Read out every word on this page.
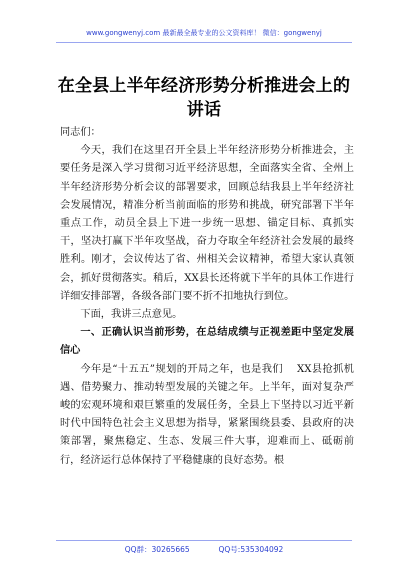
www.gongwenyj.com 最新最全最专业的公文资料库！ 微信：gongwenyj
在全县上半年经济形势分析推进会上的讲话

同志们：

今天，我们在这里召开全县上半年经济形势分析推进会，主要任务是深入学习贯彻习近平经济思想，全面落实全省、全州上半年经济形势分析会议的部署要求，回顾总结我县上半年经济社会发展情况，精准分析当前面临的形势和挑战，研究部署下半年重点工作，动员全县上下进一步统一思想、锚定目标、真抓实干，坚决打赢下半年攻坚战，奋力夺取全年经济社会发展的最终胜利。刚才，会议传达了省、州相关会议精神，希望大家认真领会，抓好贯彻落实。稍后，XX县长还将就下半年的具体工作进行详细安排部署，各级各部门要不折不扣地执行到位。

下面，我讲三点意见。

一、正确认识当前形势，在总结成绩与正视差距中坚定发展信心

今年是“十五五”规划的开局之年，也是我们 XX县抢抓机遇、借势聚力、推动转型发展的关键之年。上半年，面对复杂严峻的宏观环境和艰巨繁重的发展任务，全县上下坚持以习近平新时代中国特色社会主义思想为指导，紧紧围绕县委、县政府的决策部署，聚焦稳定、生态、发展三件大事，迎难而上、砥砺前行，经济运行总体保持了平稳健康的良好态势。根

QQ群：30265665	QQ号:535304092
